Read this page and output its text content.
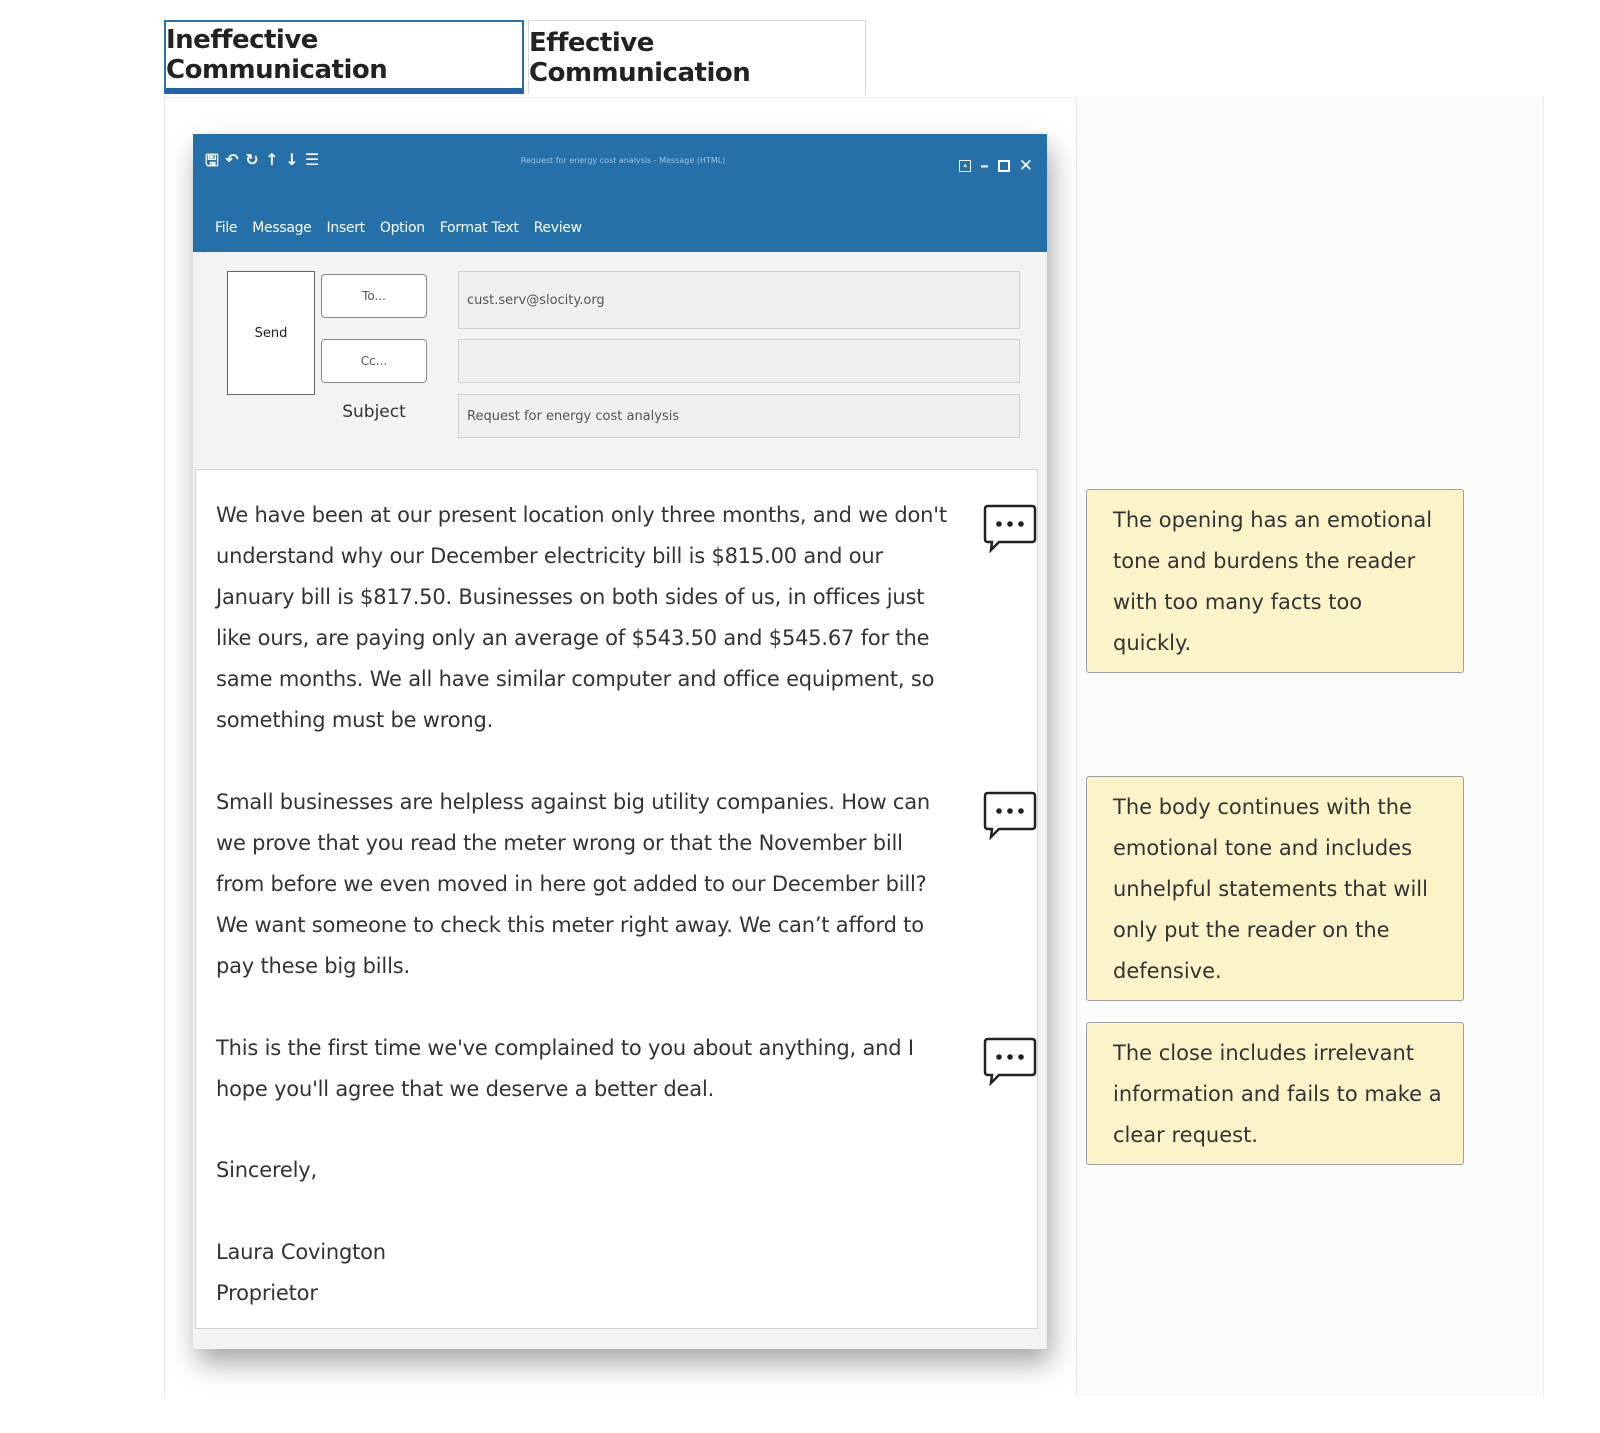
Ineffective Communication
Effective Communication
🖫 ↶ ↻ ↑ ↓ ☰	Request for energy cost analysis - Message (HTML)	▴ – ✕
File Message Insert Option Format Text Review
Send
To...
Cc...
Subject
cust.serv@slocity.org
Request for energy cost analysis

We have been at our present location only three months, and we don't understand why our December electricity bill is $815.00 and our January bill is $817.50. Businesses on both sides of us, in offices just like ours, are paying only an average of $543.50 and $545.67 for the same months. We all have similar computer and office equipment, so something must be wrong.

Small businesses are helpless against big utility companies. How can we prove that you read the meter wrong or that the November bill from before we even moved in here got added to our December bill? We want someone to check this meter right away. We can’t afford to pay these big bills.

This is the first time we've complained to you about anything, and I hope you'll agree that we deserve a better deal.

Sincerely,

Laura Covington

Proprietor

The opening has an emotional tone and burdens the reader with too many facts too quickly.
The body continues with the emotional tone and includes unhelpful statements that will only put the reader on the defensive.
The close includes irrelevant information and fails to make a clear request.
